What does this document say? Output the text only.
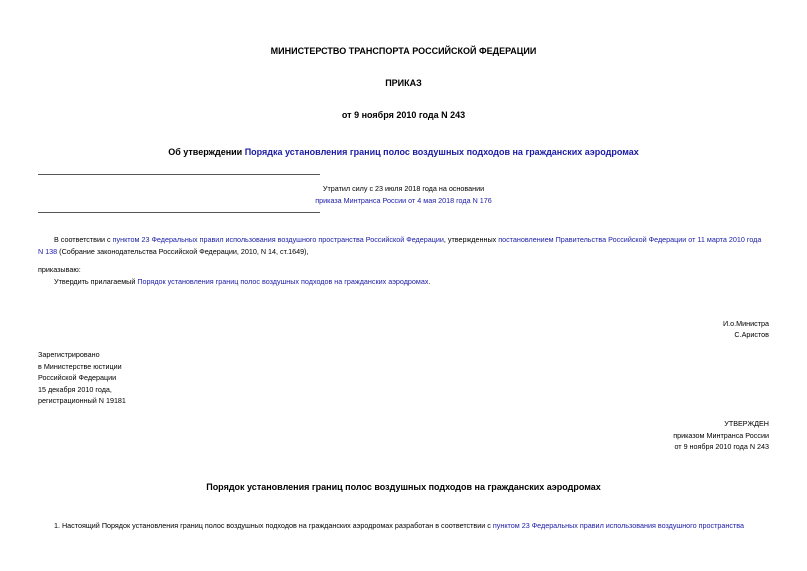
МИНИСТЕРСТВО ТРАНСПОРТА РОССИЙСКОЙ ФЕДЕРАЦИИ
ПРИКАЗ
от 9 ноября 2010 года N 243
Об утверждении Порядка установления границ полос воздушных подходов на гражданских аэродромах
Утратил силу с 23 июля 2018 года на основании
приказа Минтранса России от 4 мая 2018 года N 176
В соответствии с пунктом 23 Федеральных правил использования воздушного пространства Российской Федерации, утвержденных постановлением Правительства Российской Федерации от 11 марта 2010 года N 138 (Собрание законодательства Российской Федерации, 2010, N 14, ст.1649),
приказываю:
Утвердить прилагаемый Порядок установления границ полос воздушных подходов на гражданских аэродромах.
И.о.Министра
С.Аристов

Зарегистрировано

в Министерстве юстиции

Российской Федерации

15 декабря 2010 года,

регистрационный N 19181

УТВЕРЖДЕН

приказом Минтранса России

от 9 ноября 2010 года N 243

Порядок установления границ полос воздушных подходов на гражданских аэродромах
1. Настоящий Порядок установления границ полос воздушных подходов на гражданских аэродромах разработан в соответствии с пунктом 23 Федеральных правил использования воздушного пространства
